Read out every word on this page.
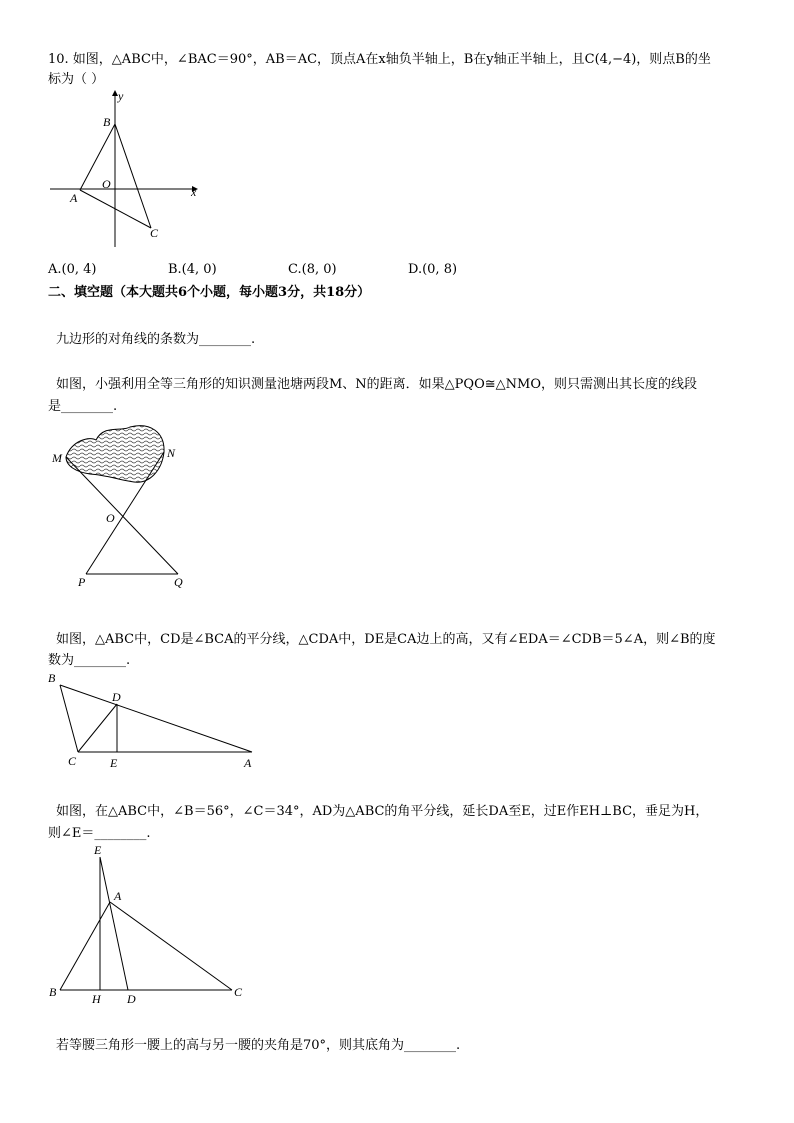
10. 如图，△ABC中，∠BAC＝90°，AB＝AC，顶点A在x轴负半轴上，B在y轴正半轴上，且C(4,−4)，则点B的坐
标为（ ）
y
x
O
A
B
C
A.(0, 4)	B.(4, 0)	C.(8, 0)	D.(0, 8)
二、填空题（本大题共6个小题，每小题3分，共18分）
九边形的对角线的条数为________.
如图，小强利用全等三角形的知识测量池塘两段M、N的距离．如果△PQO≅△NMO，则只需测出其长度的线段
是________.
M	N
O
P	Q
如图，△ABC中，CD是∠BCA的平分线，△CDA中，DE是CA边上的高，又有∠EDA＝∠CDB＝5∠A，则∠B的度
数为________.
B
D
C	E	A
如图，在△ABC中，∠B＝56°，∠C＝34°，AD为△ABC的角平分线，延长DA至E，过E作EH⊥BC，垂足为H，
则∠E＝________.
E
A
B	H D	C
若等腰三角形一腰上的高与另一腰的夹角是70°，则其底角为________.
